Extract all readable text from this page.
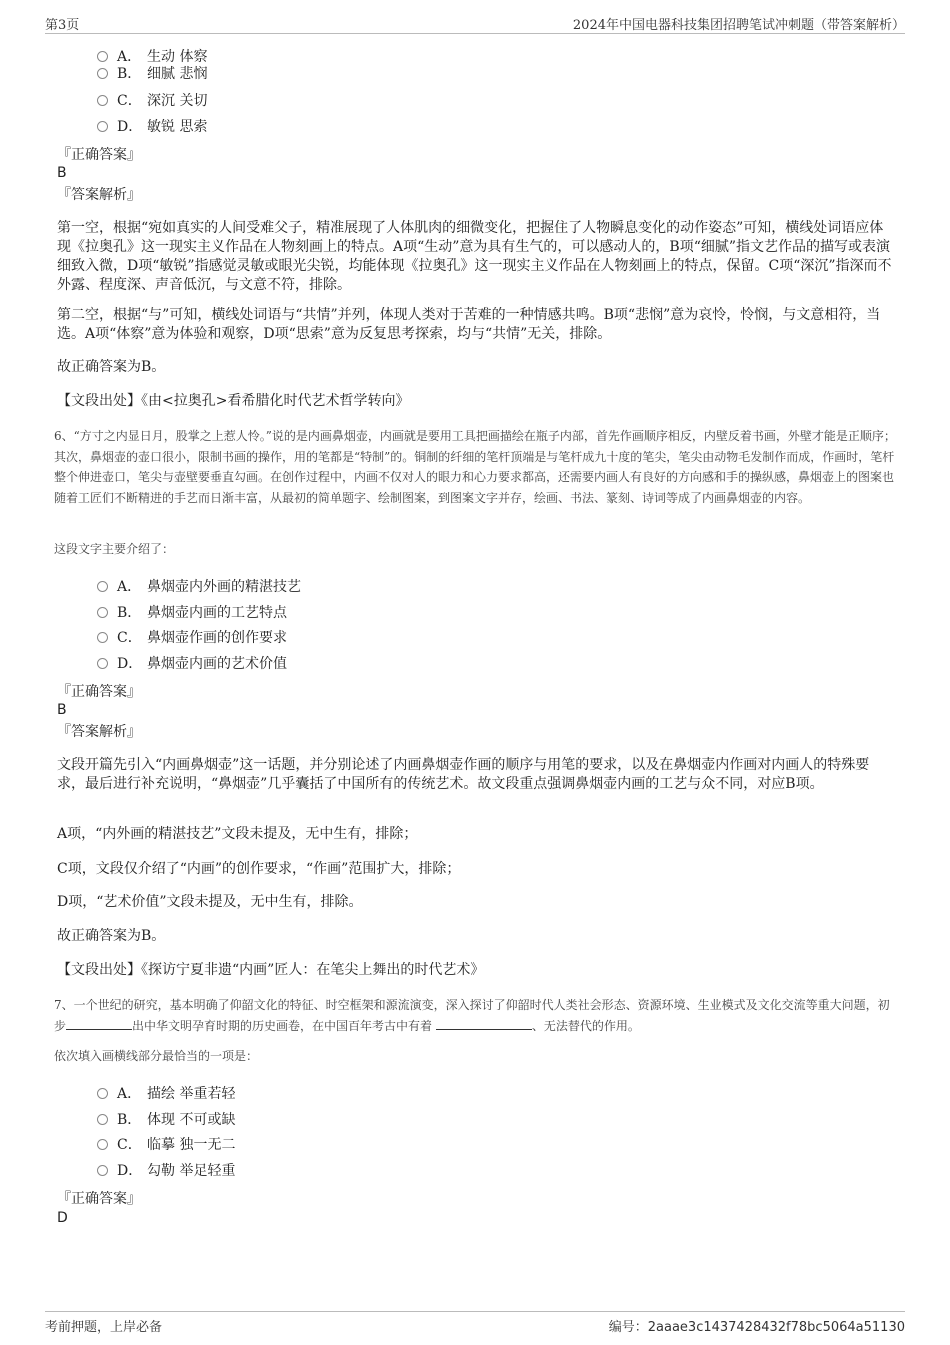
第3页	2024年中国电器科技集团招聘笔试冲刺题（带答案解析）
A． 生动 体察
B． 细腻 悲悯
C． 深沉 关切
D． 敏锐 思索
『正确答案』
B
『答案解析』

第一空，根据“宛如真实的人间受难父子，精准展现了人体肌肉的细微变化，把握住了人物瞬息变化的动作姿态”可知，横线处词语应体现《拉奥孔》这一现实主义作品在人物刻画上的特点。A项“生动”意为具有生气的，可以感动人的，B项“细腻”指文艺作品的描写或表演细致入微，D项“敏锐”指感觉灵敏或眼光尖锐，均能体现《拉奥孔》这一现实主义作品在人物刻画上的特点，保留。C项“深沉”指深而不外露、程度深、声音低沉，与文意不符，排除。

第二空，根据“与”可知，横线处词语与“共情”并列，体现人类对于苦难的一种情感共鸣。B项“悲悯”意为哀怜，怜悯，与文意相符，当选。A项“体察”意为体验和观察，D项“思索”意为反复思考探索，均与“共情”无关，排除。

故正确答案为B。

【文段出处】《由<拉奥孔>看希腊化时代艺术哲学转向》

6、“方寸之内显日月，股掌之上惹人怜。”说的是内画鼻烟壶，内画就是要用工具把画描绘在瓶子内部，首先作画顺序相反，内壁反着书画，外壁才能是正顺序；其次，鼻烟壶的壶口很小，限制书画的操作，用的笔都是“特制”的。铜制的纤细的笔杆顶端是与笔杆成九十度的笔尖，笔尖由动物毛发制作而成，作画时，笔杆整个伸进壶口，笔尖与壶壁要垂直勾画。在创作过程中，内画不仅对人的眼力和心力要求都高，还需要内画人有良好的方向感和手的操纵感，鼻烟壶上的图案也随着工匠们不断精进的手艺而日渐丰富，从最初的简单题字、绘制图案，到图案文字并存，绘画、书法、篆刻、诗词等成了内画鼻烟壶的内容。

这段文字主要介绍了：

A． 鼻烟壶内外画的精湛技艺
B． 鼻烟壶内画的工艺特点
C． 鼻烟壶作画的创作要求
D． 鼻烟壶内画的艺术价值
『正确答案』
B
『答案解析』

文段开篇先引入“内画鼻烟壶”这一话题，并分别论述了内画鼻烟壶作画的顺序与用笔的要求，以及在鼻烟壶内作画对内画人的特殊要求，最后进行补充说明，“鼻烟壶”几乎囊括了中国所有的传统艺术。故文段重点强调鼻烟壶内画的工艺与众不同，对应B项。

A项，“内外画的精湛技艺”文段未提及，无中生有，排除；

C项，文段仅介绍了“内画”的创作要求，“作画”范围扩大，排除；

D项，“艺术价值”文段未提及，无中生有，排除。

故正确答案为B。

【文段出处】《探访宁夏非遗“内画”匠人：在笔尖上舞出的时代艺术》

7、一个世纪的研究，基本明确了仰韶文化的特征、时空框架和源流演变，深入探讨了仰韶时代人类社会形态、资源环境、生业模式及文化交流等重大问题，初步	出中华文明孕育时期的历史画卷，在中国百年考古中有着	、无法替代的作用。

依次填入画横线部分最恰当的一项是：

A． 描绘 举重若轻
B． 体现 不可或缺
C． 临摹 独一无二
D． 勾勒 举足轻重
『正确答案』
D
考前押题，上岸必备	编号：2aaae3c1437428432f78bc5064a51130
